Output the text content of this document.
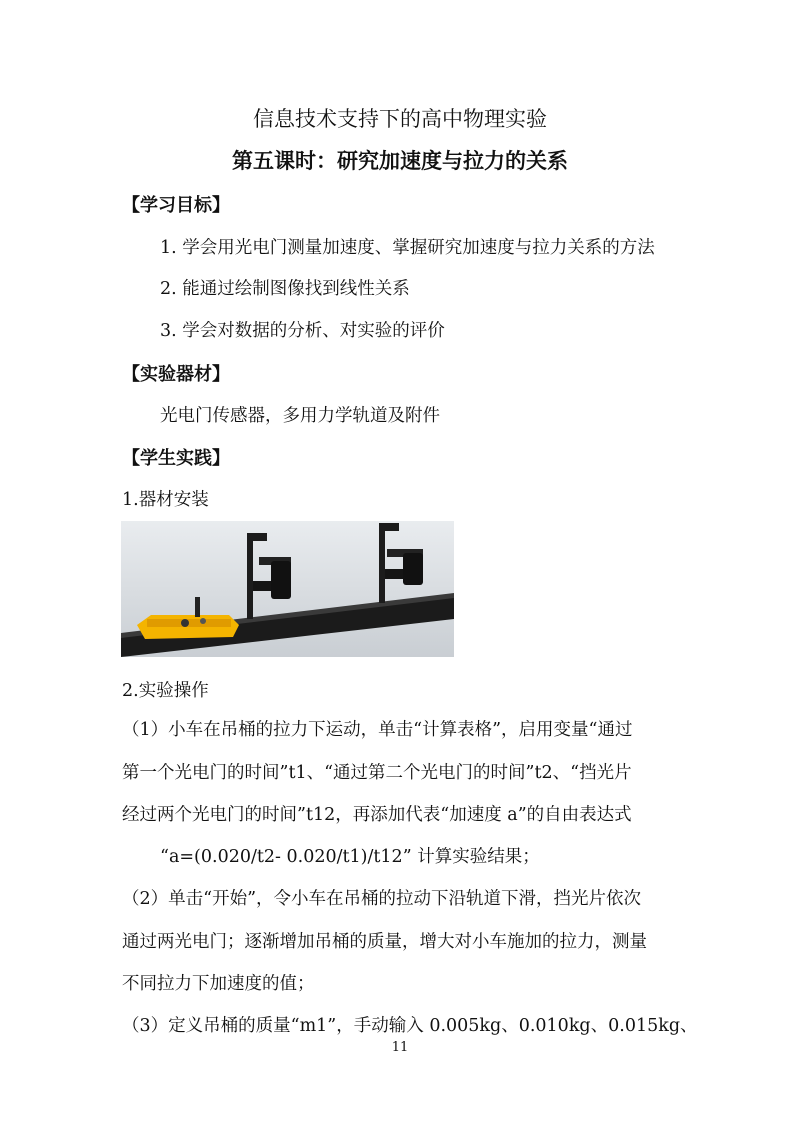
信息技术支持下的高中物理实验
第五课时：研究加速度与拉力的关系
【学习目标】
1. 学会用光电门测量加速度、掌握研究加速度与拉力关系的方法
2. 能通过绘制图像找到线性关系
3. 学会对数据的分析、对实验的评价
【实验器材】
光电门传感器，多用力学轨道及附件
【学生实践】
1.器材安装
2.实验操作
（1）小车在吊桶的拉力下运动，单击“计算表格”，启用变量“通过
第一个光电门的时间”t1、“通过第二个光电门的时间”t2、“挡光片
经过两个光电门的时间”t12，再添加代表“加速度 a”的自由表达式
“a=(0.020/t2- 0.020/t1)/t12” 计算实验结果；
（2）单击“开始”，令小车在吊桶的拉动下沿轨道下滑，挡光片依次
通过两光电门；逐渐增加吊桶的质量，增大对小车施加的拉力，测量
不同拉力下加速度的值；
（3）定义吊桶的质量“m1”，手动输入 0.005kg、0.010kg、0.015kg、
11
